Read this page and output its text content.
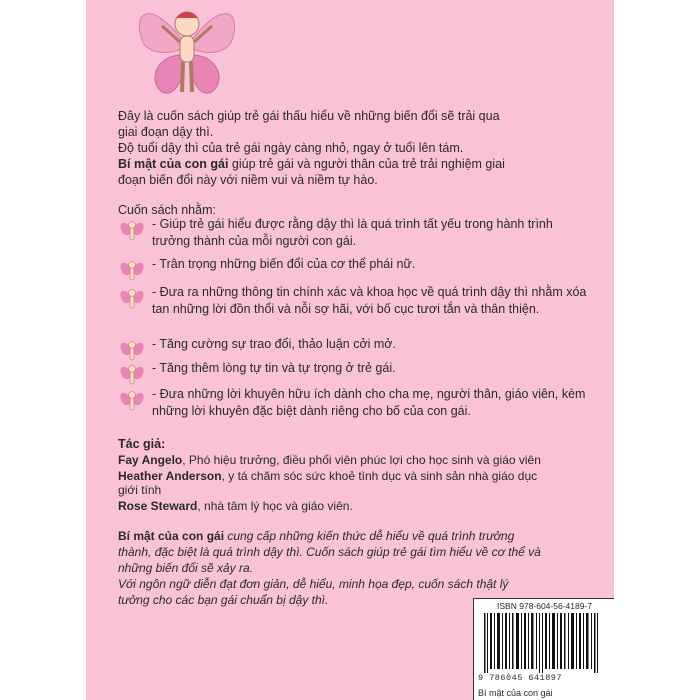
Đây là cuốn sách giúp trẻ gái thấu hiểu về những biến đổi sẽ trải qua
giai đoạn dậy thì.
Độ tuổi dậy thì của trẻ gái ngày càng nhỏ, ngay ở tuổi lên tám.
Bí mật của con gái giúp trẻ gái và người thân của trẻ trải nghiệm giai
đoạn biến đổi này với niềm vui và niềm tự hào.
Cuốn sách nhằm:
- Giúp trẻ gái hiểu được rằng dậy thì là quá trình tất yếu trong hành trình trưởng thành của mỗi người con gái.
- Trân trọng những biến đổi của cơ thể phái nữ.
- Đưa ra những thông tin chính xác và khoa học về quá trình dậy thì nhằm xóa tan những lời đồn thổi và nỗi sợ hãi, với bố cục tươi tắn và thân thiện.
- Tăng cường sự trao đổi, thảo luận cởi mở.
- Tăng thêm lòng tự tin và tự trọng ở trẻ gái.
- Đưa những lời khuyên hữu ích dành cho cha mẹ, người thân, giáo viên, kèm những lời khuyên đặc biệt dành riêng cho bố của con gái.
Tác giả:
Fay Angelo, Phó hiệu trưởng, điều phối viên phúc lợi cho học sinh và giáo viên
Heather Anderson, y tá chăm sóc sức khoẻ tình dục và sinh sản nhà giáo dục
giới tính
Rose Steward, nhà tâm lý học và giáo viên.
Bí mật của con gái cung cấp những kiến thức dễ hiểu về quá trình trưởng
thành, đặc biệt là quá trình dậy thì. Cuốn sách giúp trẻ gái tìm hiểu về cơ thể và
những biến đổi sẽ xảy ra.
Với ngôn ngữ diễn đạt đơn giản, dễ hiểu, minh họa đẹp, cuốn sách thật lý
tưởng cho các bạn gái chuẩn bị dậy thì.	ISBN 978-604-56-4189-7
9 786045 641897
Bí mật của con gái
